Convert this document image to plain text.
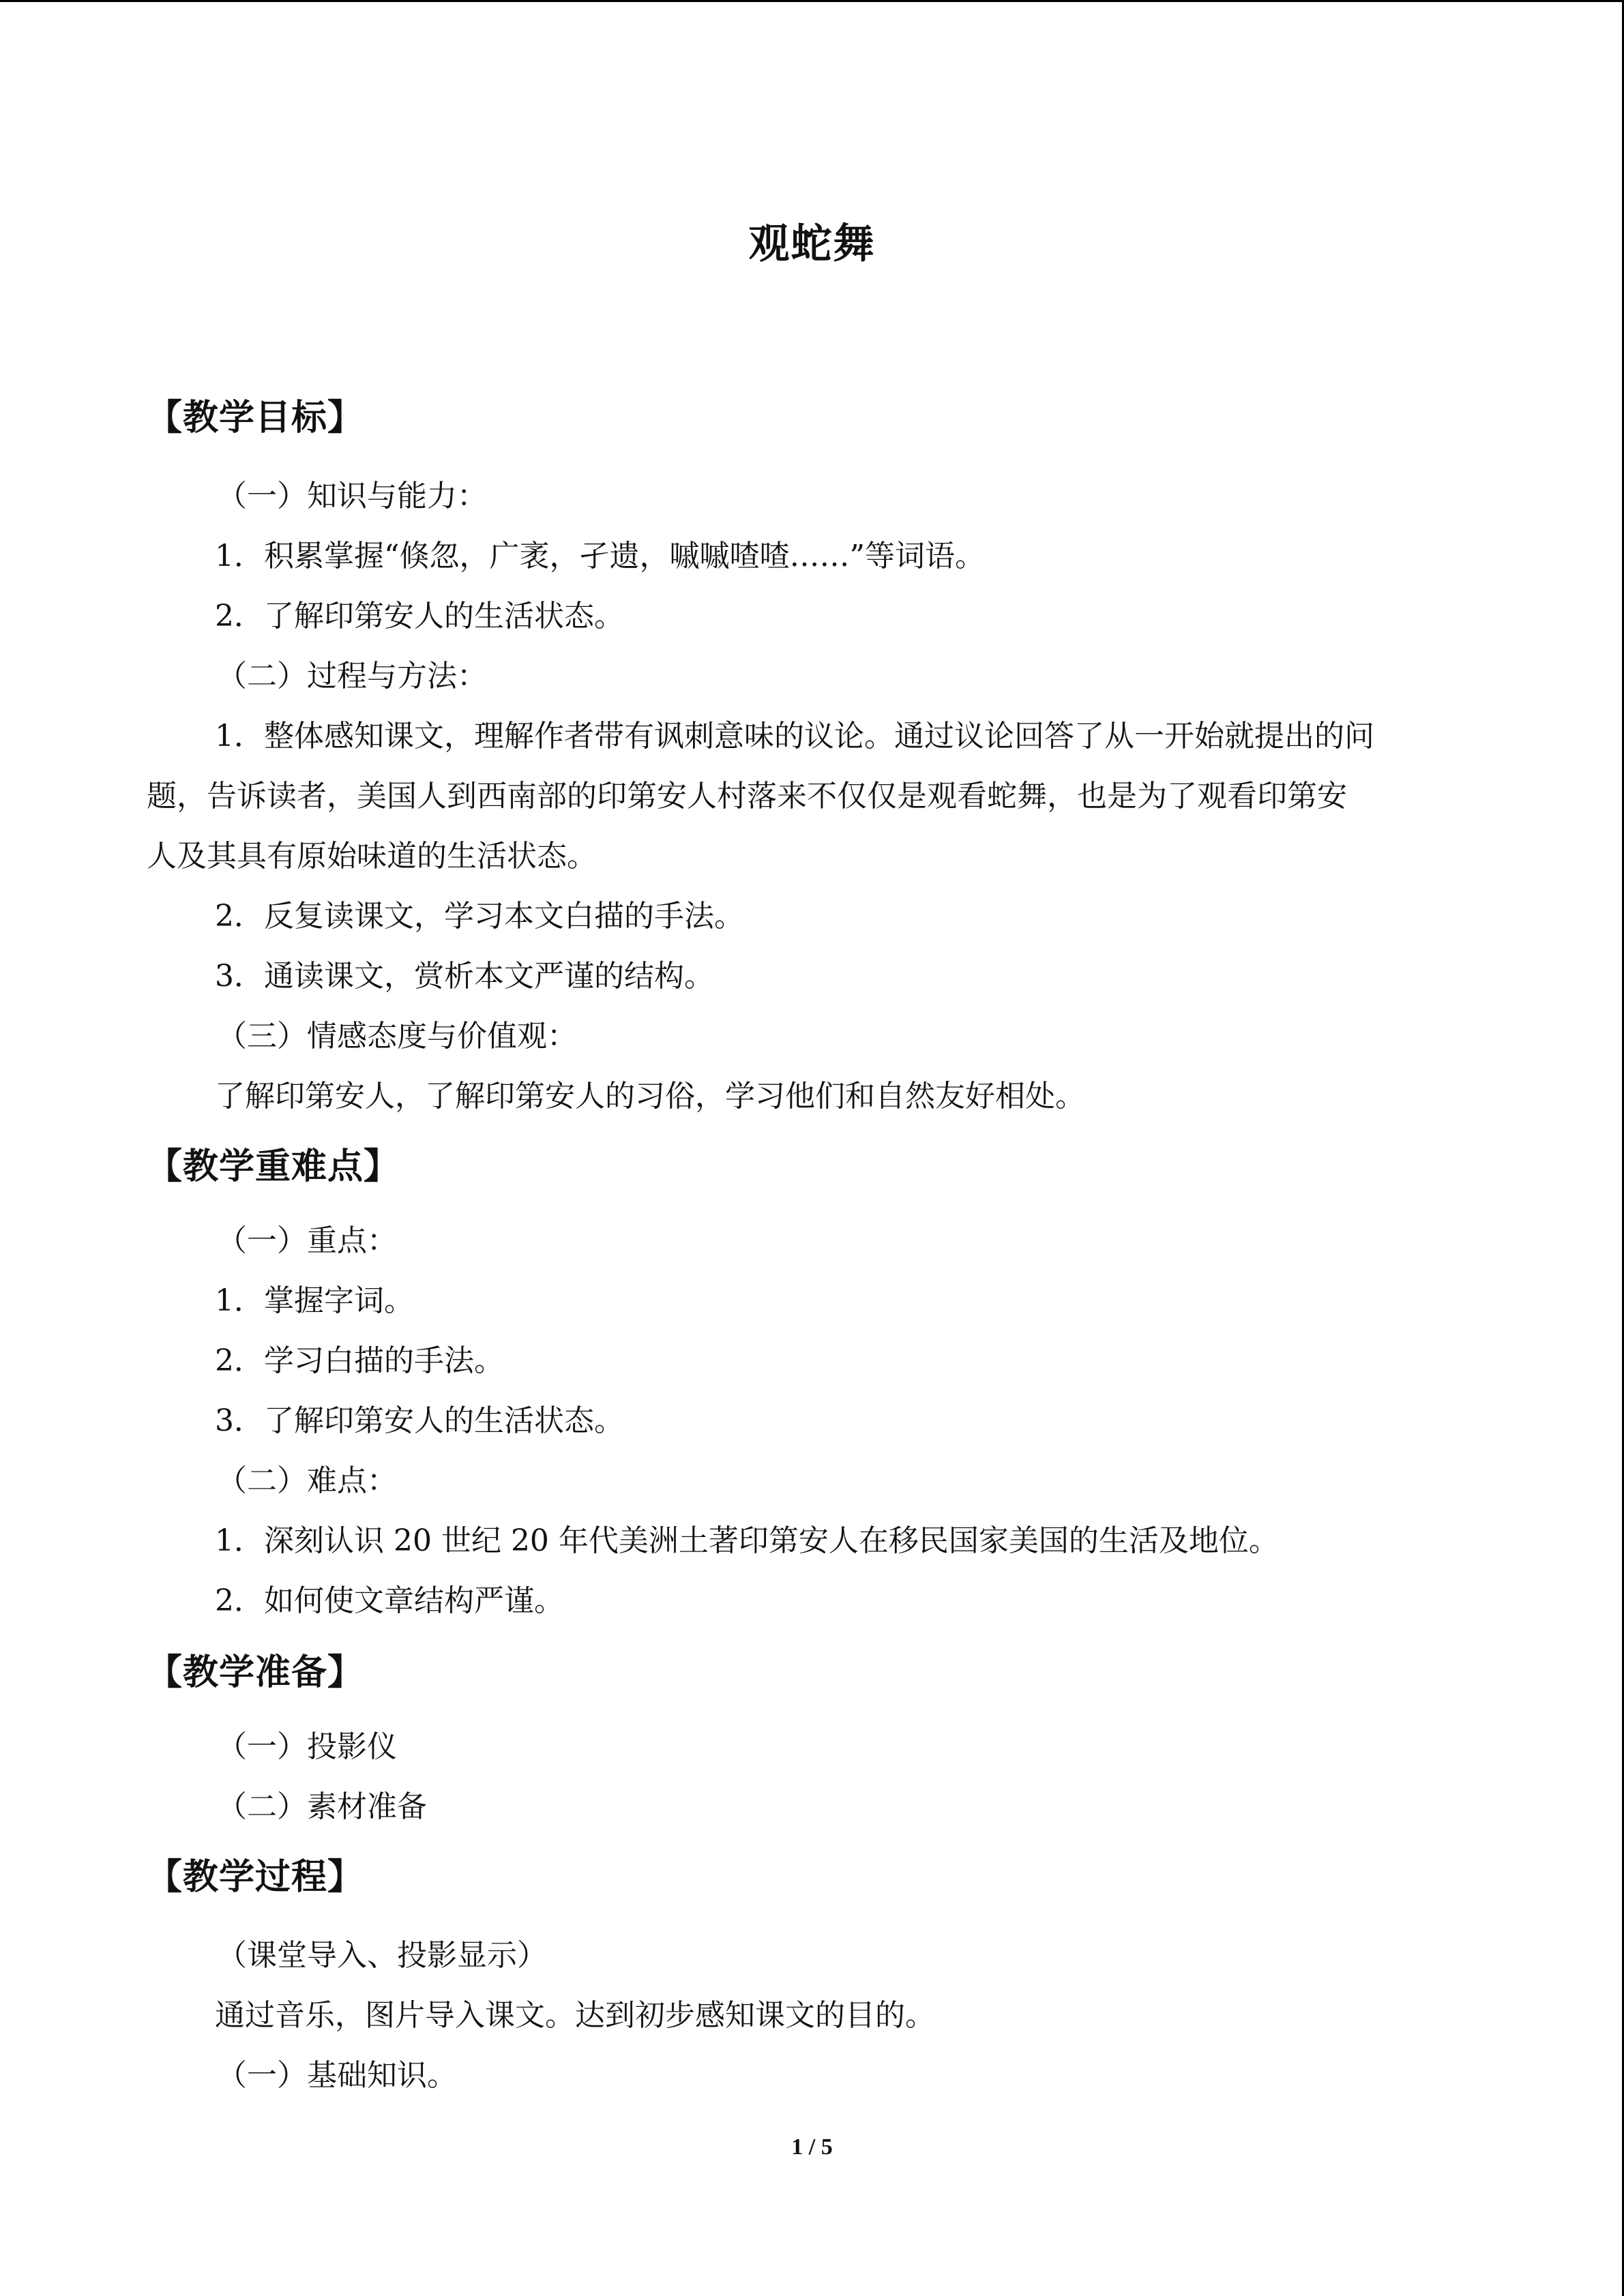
观蛇舞
【教学目标】
（一）知识与能力：
1．积累掌握“倏忽，广袤，孑遗，嘁嘁喳喳……”等词语。
2．了解印第安人的生活状态。
（二）过程与方法：
1．整体感知课文，理解作者带有讽刺意味的议论。通过议论回答了从一开始就提出的问
题，告诉读者，美国人到西南部的印第安人村落来不仅仅是观看蛇舞，也是为了观看印第安
人及其具有原始味道的生活状态。
2．反复读课文，学习本文白描的手法。
3．通读课文，赏析本文严谨的结构。
（三）情感态度与价值观：
了解印第安人，了解印第安人的习俗，学习他们和自然友好相处。
【教学重难点】
（一）重点：
1．掌握字词。
2．学习白描的手法。
3．了解印第安人的生活状态。
（二）难点：
1．深刻认识 20 世纪 20 年代美洲土著印第安人在移民国家美国的生活及地位。
2．如何使文章结构严谨。
【教学准备】
（一）投影仪
（二）素材准备
【教学过程】
（课堂导入、投影显示）
通过音乐，图片导入课文。达到初步感知课文的目的。
（一）基础知识。
1 / 5
